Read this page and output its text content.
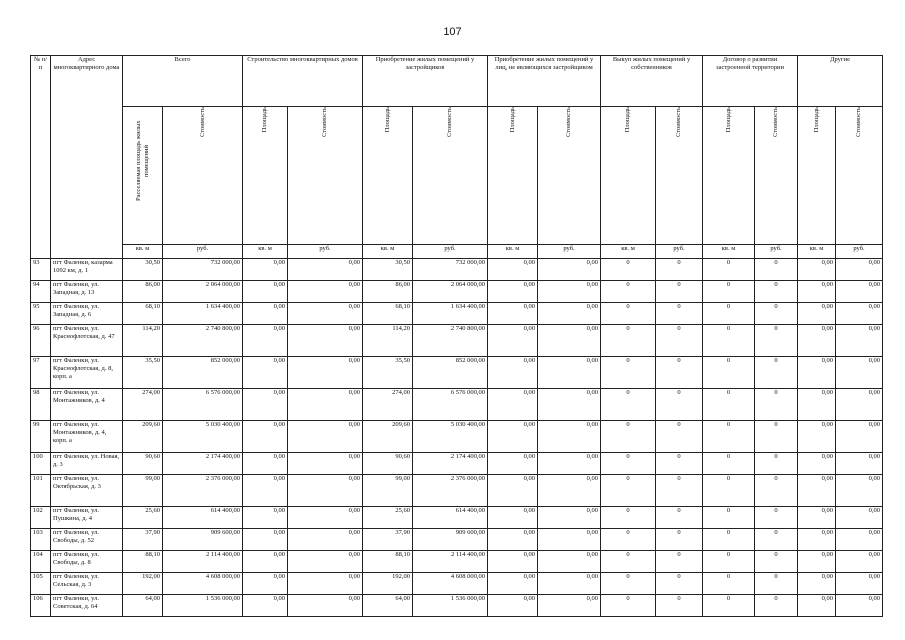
107
№ п/п	Адрес многоквартирного дома	Всего		Строительство многоквартирных домов		Приобретение жилых помещений у застройщиков		Приобретение жилых помещений у лиц, не являющихся застройщиком		Выкуп жилых помещений у собственников		Договор о развитии застроенной территории		Другие	

		Расселяемая площадь жилых помещений	Стоимость	Площадь	Стоимость	Площадь	Стоимость	Площадь	Стоимость	Площадь	Стоимость	Площадь	Стоимость	Площадь	Стоимость

		кв. м	руб.	кв. м	руб.	кв. м	руб.	кв. м	руб.	кв. м	руб.	кв. м	руб.	кв. м	руб.
93	пгт Фаленки, казарма 1092 км, д. 1	30,50	732 000,00	0,00	0,00	30,50	732 000,00	0,00	0,00	0	0	0	0	0,00	0,00
94	пгт Фаленки, ул. Западная, д. 13	86,00	2 064 000,00	0,00	0,00	86,00	2 064 000,00	0,00	0,00	0	0	0	0	0,00	0,00
95	пгт Фаленки, ул. Западная, д. 6	68,10	1 634 400,00	0,00	0,00	68,10	1 634 400,00	0,00	0,00	0	0	0	0	0,00	0,00
96	пгт Фаленки, ул. Краснофлотская, д. 47	114,20	2 740 800,00	0,00	0,00	114,20	2 740 800,00	0,00	0,00	0	0	0	0	0,00	0,00
97	пгт Фаленки, ул. Краснофлотская, д. 8, корп. а	35,50	852 000,00	0,00	0,00	35,50	852 000,00	0,00	0,00	0	0	0	0	0,00	0,00
98	пгт Фаленки, ул. Монтажников, д. 4	274,00	6 576 000,00	0,00	0,00	274,00	6 576 000,00	0,00	0,00	0	0	0	0	0,00	0,00
99	пгт Фаленки, ул. Монтажников, д. 4, корп. а	209,60	5 030 400,00	0,00	0,00	209,60	5 030 400,00	0,00	0,00	0	0	0	0	0,00	0,00
100	пгт Фаленки, ул. Новая, д. 3	90,60	2 174 400,00	0,00	0,00	90,60	2 174 400,00	0,00	0,00	0	0	0	0	0,00	0,00
101	пгт Фаленки, ул. Октябрьская, д. 3	99,00	2 376 000,00	0,00	0,00	99,00	2 376 000,00	0,00	0,00	0	0	0	0	0,00	0,00
102	пгт Фаленки, ул. Пушкина, д. 4	25,60	614 400,00	0,00	0,00	25,60	614 400,00	0,00	0,00	0	0	0	0	0,00	0,00
103	пгт Фаленки, ул. Свободы, д. 52	37,90	909 600,00	0,00	0,00	37,90	909 600,00	0,00	0,00	0	0	0	0	0,00	0,00
104	пгт Фаленки, ул. Свободы, д. 8	88,10	2 114 400,00	0,00	0,00	88,10	2 114 400,00	0,00	0,00	0	0	0	0	0,00	0,00
105	пгт Фаленки, ул. Сельская, д. 3	192,00	4 608 000,00	0,00	0,00	192,00	4 608 000,00	0,00	0,00	0	0	0	0	0,00	0,00
106	пгт Фаленки, ул. Советская, д. 64	64,00	1 536 000,00	0,00	0,00	64,00	1 536 000,00	0,00	0,00	0	0	0	0	0,00	0,00
